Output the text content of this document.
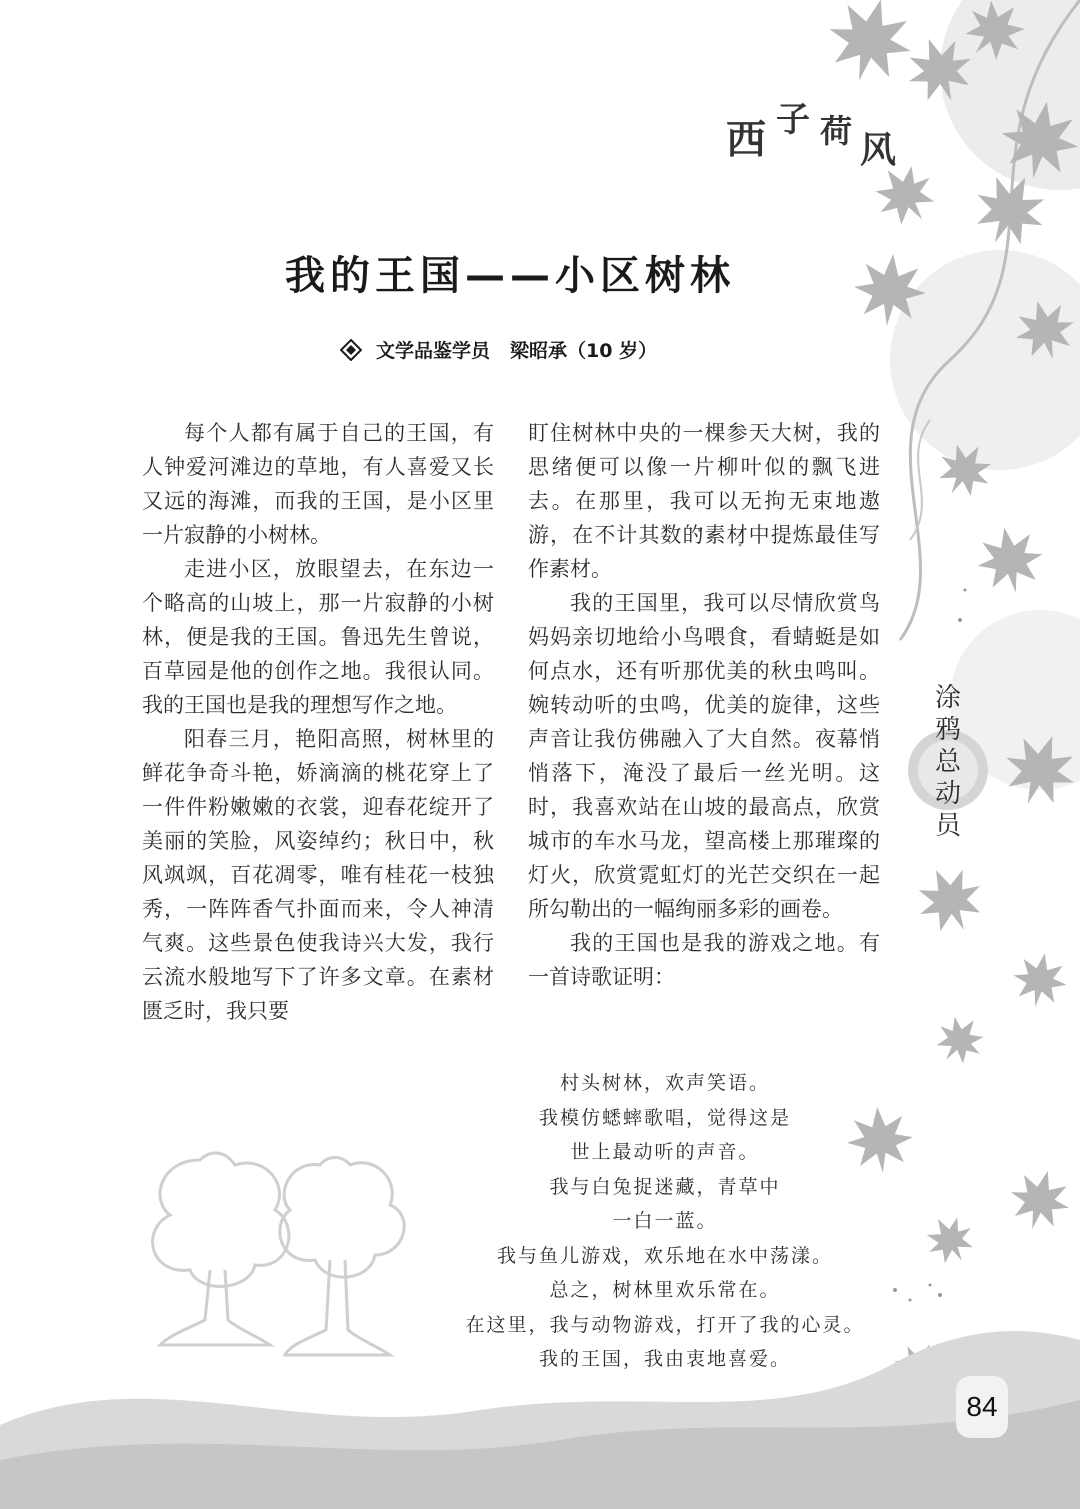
西 子 荷 风
我的王国——小区树林
文学品鉴学员 梁昭承（10 岁）

每个人都有属于自己的王国，有人钟爱河滩边的草地，有人喜爱又长又远的海滩，而我的王国，是小区里一片寂静的小树林。

走进小区，放眼望去，在东边一个略高的山坡上，那一片寂静的小树林，便是我的王国。鲁迅先生曾说，百草园是他的创作之地。我很认同。我的王国也是我的理想写作之地。

阳春三月，艳阳高照，树林里的鲜花争奇斗艳，娇滴滴的桃花穿上了一件件粉嫩嫩的衣裳，迎春花绽开了美丽的笑脸，风姿绰约；秋日中，秋风飒飒，百花凋零，唯有桂花一枝独秀，一阵阵香气扑面而来，令人神清气爽。这些景色使我诗兴大发，我行云流水般地写下了许多文章。在素材匮乏时，我只要

盯住树林中央的一棵参天大树，我的思绪便可以像一片柳叶似的飘飞进去。在那里，我可以无拘无束地遨游，在不计其数的素材中提炼最佳写作素材。

我的王国里，我可以尽情欣赏鸟妈妈亲切地给小鸟喂食，看蜻蜓是如何点水，还有听那优美的秋虫鸣叫。婉转动听的虫鸣，优美的旋律，这些声音让我仿佛融入了大自然。夜幕悄悄落下，淹没了最后一丝光明。这时，我喜欢站在山坡的最高点，欣赏城市的车水马龙，望高楼上那璀璨的灯火，欣赏霓虹灯的光芒交织在一起所勾勒出的一幅绚丽多彩的画卷。

我的王国也是我的游戏之地。有一首诗歌证明：

村头树林，欢声笑语。
我模仿蟋蟀歌唱，觉得这是
世上最动听的声音。
我与白兔捉迷藏，青草中
一白一蓝。
我与鱼儿游戏，欢乐地在水中荡漾。
总之，树林里欢乐常在。
在这里，我与动物游戏，打开了我的心灵。
我的王国，我由衷地喜爱。
涂
鸦
总
动
员
84
